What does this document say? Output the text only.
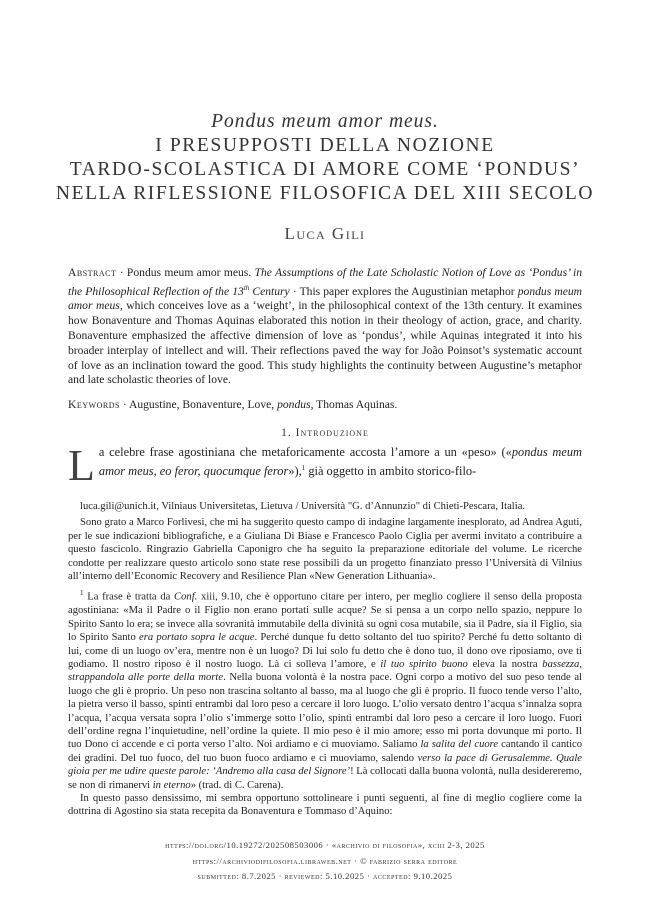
Pondus meum amor meus.
I PRESUPPOSTI DELLA NOZIONE
TARDO-SCOLASTICA DI AMORE COME ‘PONDUS’
NELLA RIFLESSIONE FILOSOFICA DEL XIII SECOLO
Luca Gili
Abstract · Pondus meum amor meus. The Assumptions of the Late Scholastic Notion of Love as ‘Pondus’ in the Philosophical Reflection of the 13th Century · This paper explores the Augustinian metaphor pondus meum amor meus, which conceives love as a ‘weight’, in the philosophical context of the 13th century. It examines how Bonaventure and Thomas Aquinas elaborated this notion in their theology of action, grace, and charity. Bonaventure emphasized the affective dimension of love as ‘pondus’, while Aquinas integrated it into his broader interplay of intellect and will. Their reflections paved the way for João Poinsot’s systematic account of love as an inclination toward the good. This study highlights the continuity between Augustine’s metaphor and late scholastic theories of love.
Keywords · Augustine, Bonaventure, Love, pondus, Thomas Aquinas.
1. Introduzione
La celebre frase agostiniana che metaforicamente accosta l’amore a un «peso» («pondus meum amor meus, eo feror, quocumque feror»),$^1$ già oggetto in ambito storico-filo-

luca.gili@unich.it, Vilniaus Universitetas, Lietuva / Università "G. d’Annunzio" di Chieti-Pescara, Italia.

Sono grato a Marco Forlivesi, che mi ha suggerito questo campo di indagine largamente inesplorato, ad Andrea Aguti, per le sue indicazioni bibliografiche, e a Giuliana Di Biase e Francesco Paolo Ciglia per avermi invitato a contribuire a questo fascicolo. Ringrazio Gabriella Caponigro che ha seguito la preparazione editoriale del volume. Le ricerche condotte per realizzare questo articolo sono state rese possibili da un progetto finanziato presso l’Università di Vilnius all’interno dell’Economic Recovery and Resilience Plan «New Generation Lithuania».

$^1$ La frase è tratta da Conf. xiii, 9.10, che è opportuno citare per intero, per meglio cogliere il senso della proposta agostiniana: «Ma il Padre o il Figlio non erano portati sulle acque? Se si pensa a un corpo nello spazio, neppure lo Spirito Santo lo era; se invece alla sovranità immutabile della divinità su ogni cosa mutabile, sia il Padre, sia il Figlio, sia lo Spirito Santo era portato sopra le acque. Perché dunque fu detto soltanto del tuo spirito? Perché fu detto soltanto di lui, come di un luogo ov’era, mentre non è un luogo? Di lui solo fu detto che è dono tuo, il dono ove riposiamo, ove ti godiamo. Il nostro riposo è il nostro luogo. Là ci solleva l’amore, e il tuo spirito buono eleva la nostra bassezza, strappandola alle porte della morte. Nella buona volontà è la nostra pace. Ogni corpo a motivo del suo peso tende al luogo che gli è proprio. Un peso non trascina soltanto al basso, ma al luogo che gli è proprio. Il fuoco tende verso l’alto, la pietra verso il basso, spinti entrambi dal loro peso a cercare il loro luogo. L’olio versato dentro l’acqua s’innalza sopra l’acqua, l’acqua versata sopra l’olio s’immerge sotto l’olio, spinti entrambi dal loro peso a cercare il loro luogo. Fuori dell’ordine regna l’inquietudine, nell’ordine la quiete. Il mio peso è il mio amore; esso mi porta dovunque mi porto. Il tuo Dono ci accende e ci porta verso l’alto. Noi ardiamo e ci muoviamo. Saliamo la salita del cuore cantando il cantico dei gradini. Del tuo fuoco, del tuo buon fuoco ardiamo e ci muoviamo, salendo verso la pace di Gerusalemme. Quale gioia per me udire queste parole: ‘Andremo alla casa del Signore’! Là collocati dalla buona volontà, nulla desidereremo, se non di rimanervi in eterno» (trad. di C. Carena).

In questo passo densissimo, mi sembra opportuno sottolineare i punti seguenti, al fine di meglio cogliere come la dottrina di Agostino sia stata recepita da Bonaventura e Tommaso d’Aquino:

https://doi.org/10.19272/202508503006 · «archivio di filosofia», xciii 2-3, 2025
https://archiviodifilosofia.libraweb.net · © fabrizio serra editore
submitted: 8.7.2025 · reviewed: 5.10.2025 · accepted: 9.10.2025
